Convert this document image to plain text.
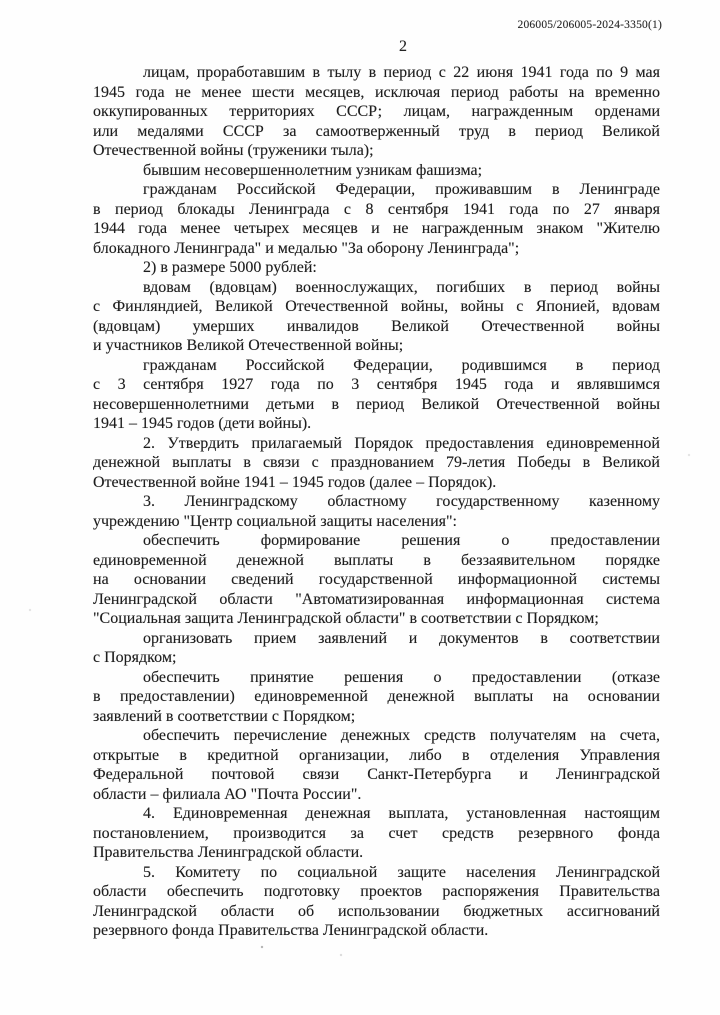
206005/206005-2024-3350(1)
2
лицам, проработавшим в тылу в период с 22 июня 1941 года по 9 мая
1945 года не менее шести месяцев, исключая период работы на временно
оккупированных территориях СССР; лицам, награжденным орденами
или медалями СССР за самоотверженный труд в период Великой
Отечественной войны (труженики тыла);
бывшим несовершеннолетним узникам фашизма;
гражданам Российской Федерации, проживавшим в Ленинграде
в период блокады Ленинграда с 8 сентября 1941 года по 27 января
1944 года менее четырех месяцев и не награжденным знаком "Жителю
блокадного Ленинграда" и медалью "За оборону Ленинграда";
2) в размере 5000 рублей:
вдовам (вдовцам) военнослужащих, погибших в период войны
с Финляндией, Великой Отечественной войны, войны с Японией, вдовам
(вдовцам) умерших инвалидов Великой Отечественной войны
и участников Великой Отечественной войны;
гражданам Российской Федерации, родившимся в период
с 3 сентября 1927 года по 3 сентября 1945 года и являвшимся
несовершеннолетними детьми в период Великой Отечественной войны
1941 – 1945 годов (дети войны).
2. Утвердить прилагаемый Порядок предоставления единовременной
денежной выплаты в связи с празднованием 79-летия Победы в Великой
Отечественной войне 1941 – 1945 годов (далее – Порядок).
3. Ленинградскому областному государственному казенному
учреждению "Центр социальной защиты населения":
обеспечить формирование решения о предоставлении
единовременной денежной выплаты в беззаявительном порядке
на основании сведений государственной информационной системы
Ленинградской области "Автоматизированная информационная система
"Социальная защита Ленинградской области" в соответствии с Порядком;
организовать прием заявлений и документов в соответствии
с Порядком;
обеспечить принятие решения о предоставлении (отказе
в предоставлении) единовременной денежной выплаты на основании
заявлений в соответствии с Порядком;
обеспечить перечисление денежных средств получателям на счета,
открытые в кредитной организации, либо в отделения Управления
Федеральной почтовой связи Санкт-Петербурга и Ленинградской
области – филиала АО "Почта России".
4. Единовременная денежная выплата, установленная настоящим
постановлением, производится за счет средств резервного фонда
Правительства Ленинградской области.
5. Комитету по социальной защите населения Ленинградской
области обеспечить подготовку проектов распоряжения Правительства
Ленинградской области об использовании бюджетных ассигнований
резервного фонда Правительства Ленинградской области.
